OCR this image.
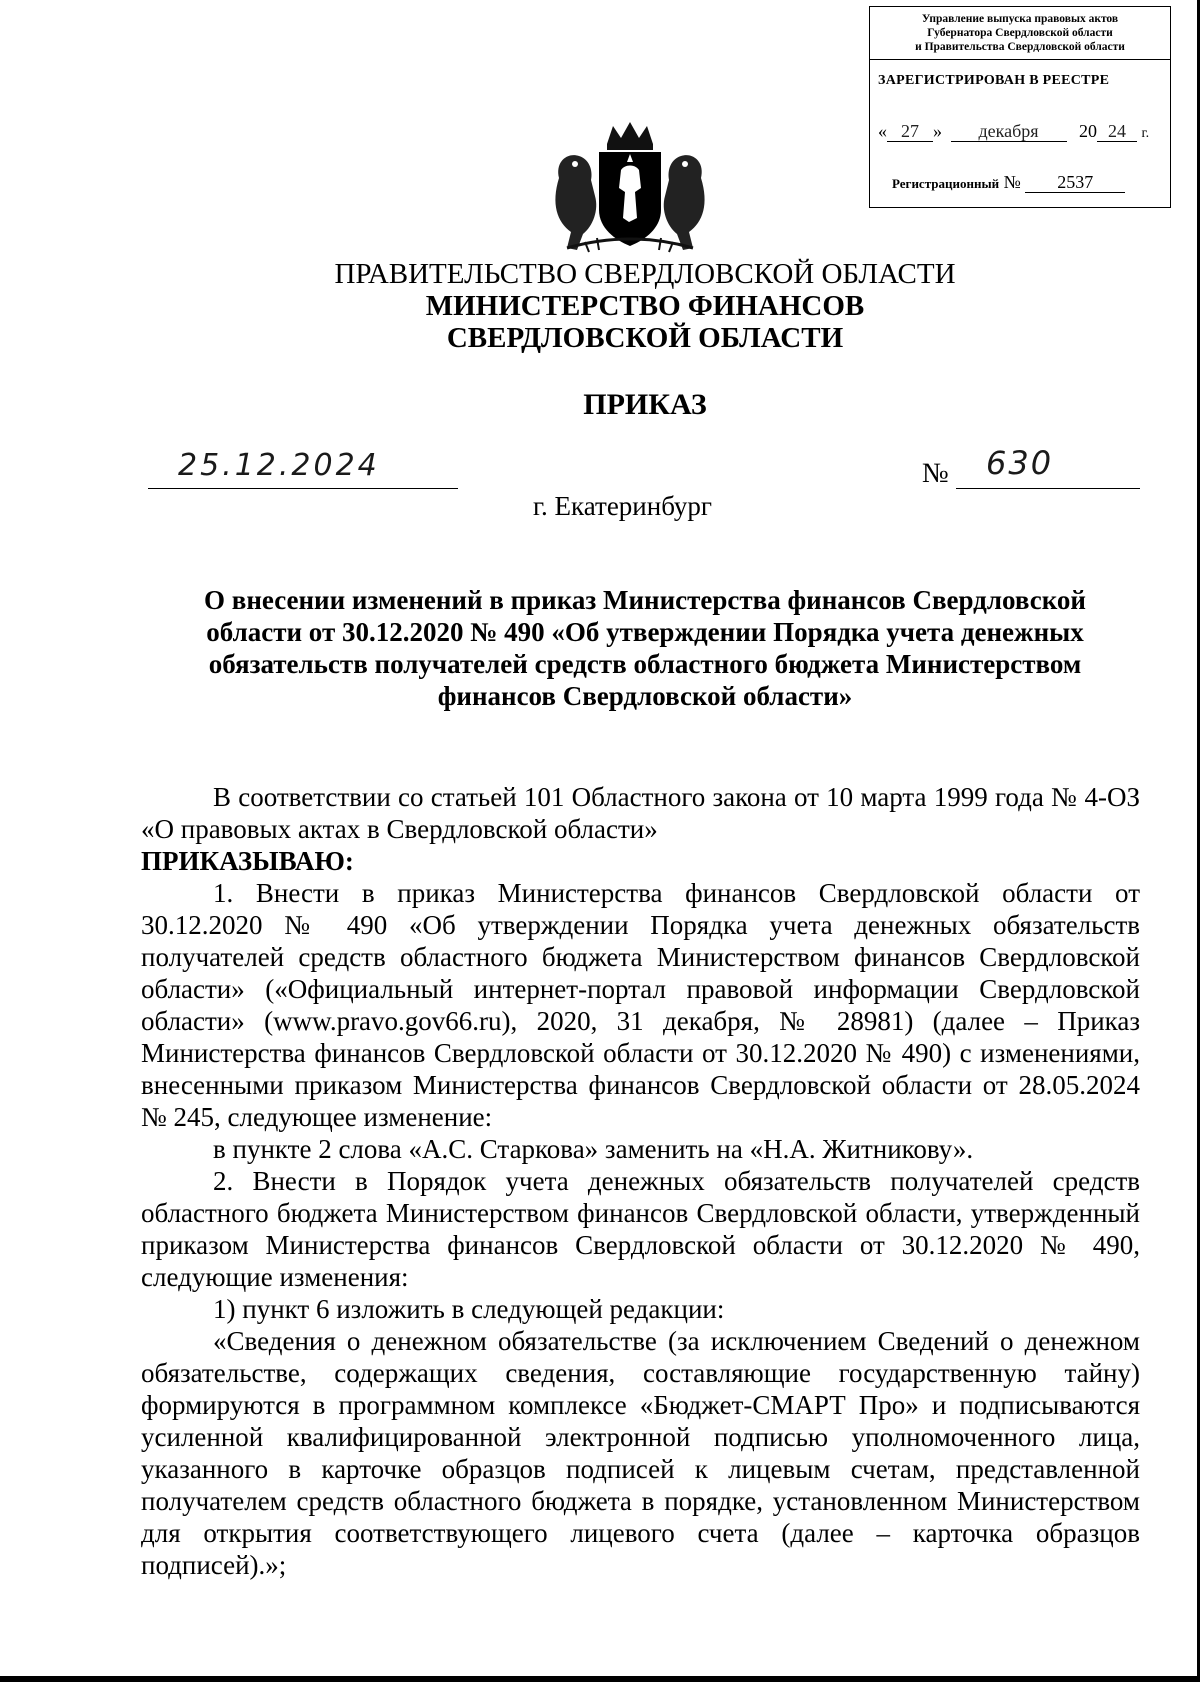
Управление выпуска правовых актов
Губернатора Свердловской области
и Правительства Свердловской области
ЗАРЕГИСТРИРОВАН В РЕЕСТРЕ
« 27 » декабря 20 24 г.
Регистрационный № 2537
ПРАВИТЕЛЬСТВО СВЕРДЛОВСКОЙ ОБЛАСТИ
МИНИСТЕРСТВО ФИНАНСОВ
СВЕРДЛОВСКОЙ ОБЛАСТИ
ПРИКАЗ
25.12.2024	№ 630
г. Екатеринбург
О внесении изменений в приказ Министерства финансов Свердловской области от 30.12.2020 № 490 «Об утверждении Порядка учета денежных обязательств получателей средств областного бюджета Министерством финансов Свердловской области»

В соответствии со статьей 101 Областного закона от 10 марта 1999 года № 4-ОЗ «О правовых актах в Свердловской области»

ПРИКАЗЫВАЮ:

1. Внести в приказ Министерства финансов Свердловской области от 30.12.2020 № 490 «Об утверждении Порядка учета денежных обязательств получателей средств областного бюджета Министерством финансов Свердловской области» («Официальный интернет-портал правовой информации Свердловской области» (www.pravo.gov66.ru), 2020, 31 декабря, № 28981) (далее – Приказ Министерства финансов Свердловской области от 30.12.2020 № 490) с изменениями, внесенными приказом Министерства финансов Свердловской области от 28.05.2024 № 245, следующее изменение:

в пункте 2 слова «А.С. Старкова» заменить на «Н.А. Житникову».

2. Внести в Порядок учета денежных обязательств получателей средств областного бюджета Министерством финансов Свердловской области, утвержденный приказом Министерства финансов Свердловской области от 30.12.2020 № 490, следующие изменения:

1) пункт 6 изложить в следующей редакции:

«Сведения о денежном обязательстве (за исключением Сведений о денежном обязательстве, содержащих сведения, составляющие государственную тайну) формируются в программном комплексе «Бюджет-СМАРТ Про» и подписываются усиленной квалифицированной электронной подписью уполномоченного лица, указанного в карточке образцов подписей к лицевым счетам, представленной получателем средств областного бюджета в порядке, установленном Министерством для открытия соответствующего лицевого счета (далее – карточка образцов подписей).»;
